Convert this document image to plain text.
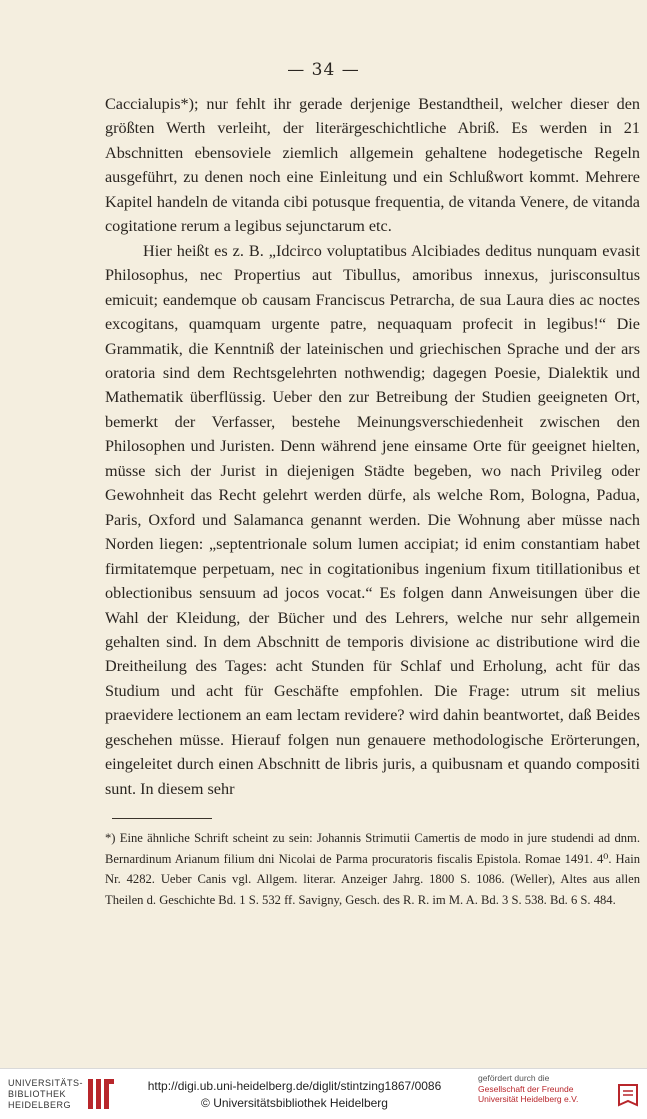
— 34 —

Caccialupis*); nur fehlt ihr gerade derjenige Bestandtheil, welcher dieser den größten Werth verleiht, der literärgeschichtliche Abriß. Es werden in 21 Abschnitten ebensoviele ziemlich allgemein gehaltene hodegetische Regeln ausgeführt, zu denen noch eine Einleitung und ein Schlußwort kommt. Mehrere Kapitel handeln de vitanda cibi potusque frequentia, de vitanda Venere, de vitanda cogitatione rerum a legibus sejunctarum etc.

Hier heißt es z. B. „Idcirco voluptatibus Alcibiades deditus nunquam evasit Philosophus, nec Propertius aut Tibullus, amoribus innexus, jurisconsultus emicuit; eandemque ob causam Franciscus Petrarcha, de sua Laura dies ac noctes excogitans, quamquam urgente patre, nequaquam profecit in legibus!“ Die Grammatik, die Kenntniß der lateinischen und griechischen Sprache und der ars oratoria sind dem Rechtsgelehrten nothwendig; dagegen Poesie, Dialektik und Mathematik überflüssig. Ueber den zur Betreibung der Studien geeigneten Ort, bemerkt der Verfasser, bestehe Meinungsverschiedenheit zwischen den Philosophen und Juristen. Denn während jene einsame Orte für geeignet hielten, müsse sich der Jurist in diejenigen Städte begeben, wo nach Privileg oder Gewohnheit das Recht gelehrt werden dürfe, als welche Rom, Bologna, Padua, Paris, Oxford und Salamanca genannt werden. Die Wohnung aber müsse nach Norden liegen: „septentrionale solum lumen accipiat; id enim constantiam habet firmitatemque perpetuam, nec in cogitationibus ingenium fixum titillationibus et oblectionibus sensuum ad jocos vocat.“ Es folgen dann Anweisungen über die Wahl der Kleidung, der Bücher und des Lehrers, welche nur sehr allgemein gehalten sind. In dem Abschnitt de temporis divisione ac distributione wird die Dreitheilung des Tages: acht Stunden für Schlaf und Erholung, acht für das Studium und acht für Geschäfte empfohlen. Die Frage: utrum sit melius praevidere lectionem an eam lectam revidere? wird dahin beantwortet, daß Beides geschehen müsse. Hierauf folgen nun genauere methodologische Erörterungen, eingeleitet durch einen Abschnitt de libris juris, a quibusnam et quando compositi sunt. In diesem sehr

*) Eine ähnliche Schrift scheint zu sein: Johannis Strimutii Camertis de modo in jure studendi ad dnm. Bernardinum Arianum filium dni Nicolai de Parma procuratoris fiscalis Epistola. Romae 1491. 4⁰. Hain Nr. 4282. Ueber Canis vgl. Allgem. literar. Anzeiger Jahrg. 1800 S. 1086. (Weller), Altes aus allen Theilen d. Geschichte Bd. 1 S. 532 ff. Savigny, Gesch. des R. R. im M. A. Bd. 3 S. 538. Bd. 6 S. 484.

UNIVERSITÄTS-
BIBLIOTHEK
HEIDELBERG
http://digi.ub.uni-heidelberg.de/diglit/stintzing1867/0086
© Universitätsbibliothek Heidelberg
gefördert durch die
Gesellschaft der Freunde
Universität Heidelberg e.V.
